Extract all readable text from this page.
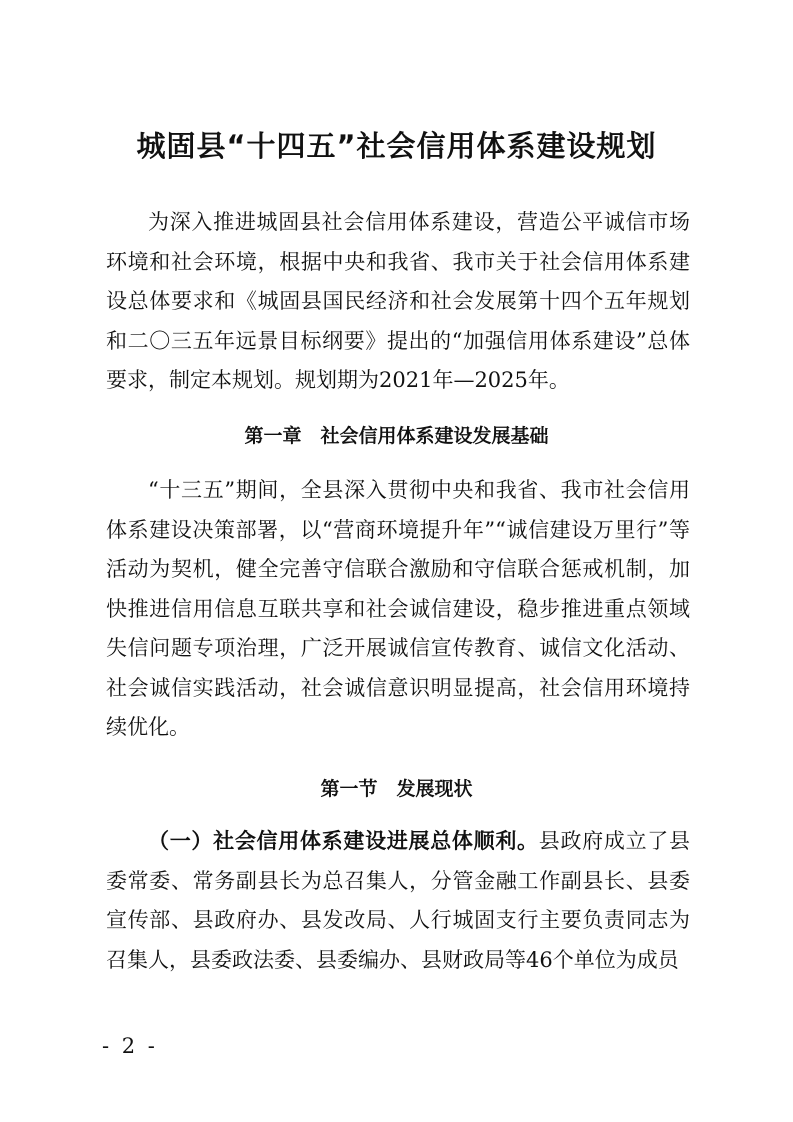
城固县“十四五”社会信用体系建设规划

为深入推进城固县社会信用体系建设，营造公平诚信市场环境和社会环境，根据中央和我省、我市关于社会信用体系建设总体要求和《城固县国民经济和社会发展第十四个五年规划和二〇三五年远景目标纲要》提出的“加强信用体系建设”总体要求，制定本规划。规划期为2021年—2025年。

第一章　社会信用体系建设发展基础

“十三五”期间，全县深入贯彻中央和我省、我市社会信用体系建设决策部署，以“营商环境提升年”“诚信建设万里行”等活动为契机，健全完善守信联合激励和守信联合惩戒机制，加快推进信用信息互联共享和社会诚信建设，稳步推进重点领域失信问题专项治理，广泛开展诚信宣传教育、诚信文化活动、社会诚信实践活动，社会诚信意识明显提高，社会信用环境持续优化。

第一节　发展现状

（一）社会信用体系建设进展总体顺利。县政府成立了县委常委、常务副县长为总召集人，分管金融工作副县长、县委宣传部、县政府办、县发改局、人行城固支行主要负责同志为召集人，县委政法委、县委编办、县财政局等46个单位为成员

- 2 -
